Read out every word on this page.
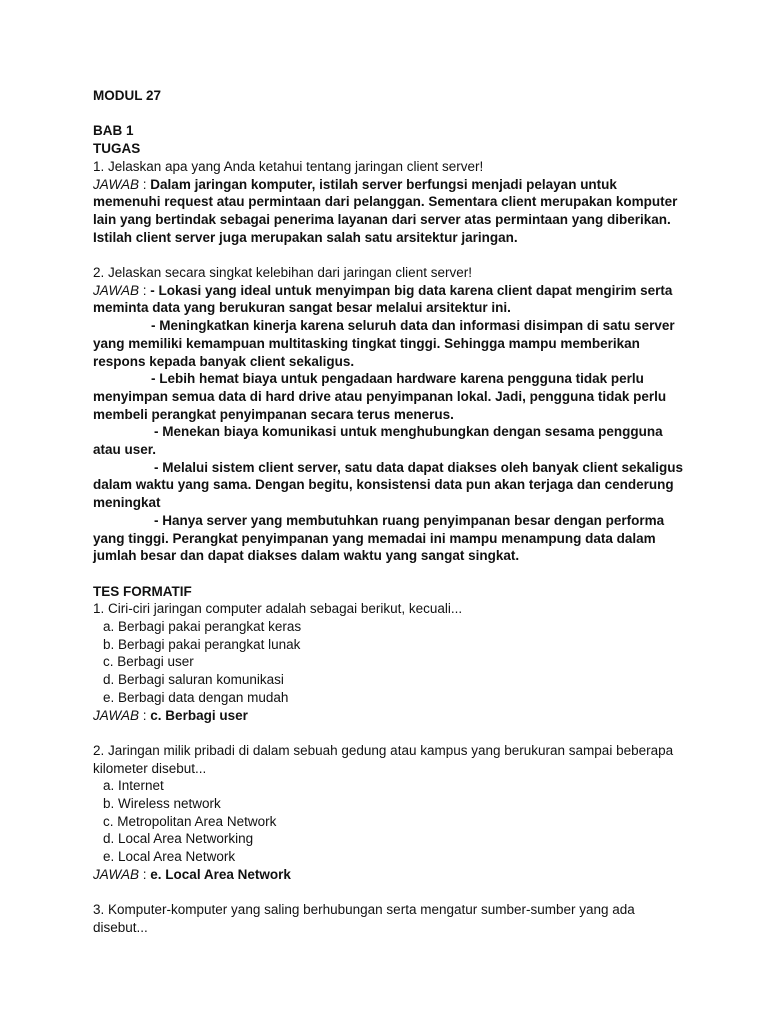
MODUL 27
BAB 1
TUGAS
1. Jelaskan apa yang Anda ketahui tentang jaringan client server!
JAWAB : Dalam jaringan komputer, istilah server berfungsi menjadi pelayan untuk memenuhi request atau permintaan dari pelanggan. Sementara client merupakan komputer lain yang bertindak sebagai penerima layanan dari server atas permintaan yang diberikan. Istilah client server juga merupakan salah satu arsitektur jaringan.
2. Jelaskan secara singkat kelebihan dari jaringan client server!
JAWAB : - Lokasi yang ideal untuk menyimpan big data karena client dapat mengirim serta meminta data yang berukuran sangat besar melalui arsitektur ini.
- Meningkatkan kinerja karena seluruh data dan informasi disimpan di satu server yang memiliki kemampuan multitasking tingkat tinggi. Sehingga mampu memberikan respons kepada banyak client sekaligus.
- Lebih hemat biaya untuk pengadaan hardware karena pengguna tidak perlu menyimpan semua data di hard drive atau penyimpanan lokal. Jadi, pengguna tidak perlu membeli perangkat penyimpanan secara terus menerus.
- Menekan biaya komunikasi untuk menghubungkan dengan sesama pengguna atau user.
- Melalui sistem client server, satu data dapat diakses oleh banyak client sekaligus dalam waktu yang sama. Dengan begitu, konsistensi data pun akan terjaga dan cenderung meningkat
- Hanya server yang membutuhkan ruang penyimpanan besar dengan performa yang tinggi. Perangkat penyimpanan yang memadai ini mampu menampung data dalam jumlah besar dan dapat diakses dalam waktu yang sangat singkat.
TES FORMATIF
1. Ciri-ciri jaringan computer adalah sebagai berikut, kecuali...
a. Berbagi pakai perangkat keras
b. Berbagi pakai perangkat lunak
c. Berbagi user
d. Berbagi saluran komunikasi
e. Berbagi data dengan mudah
JAWAB : c. Berbagi user
2. Jaringan milik pribadi di dalam sebuah gedung atau kampus yang berukuran sampai beberapa kilometer disebut...
a. Internet
b. Wireless network
c. Metropolitan Area Network
d. Local Area Networking
e. Local Area Network
JAWAB : e. Local Area Network
3. Komputer-komputer yang saling berhubungan serta mengatur sumber-sumber yang ada disebut...
